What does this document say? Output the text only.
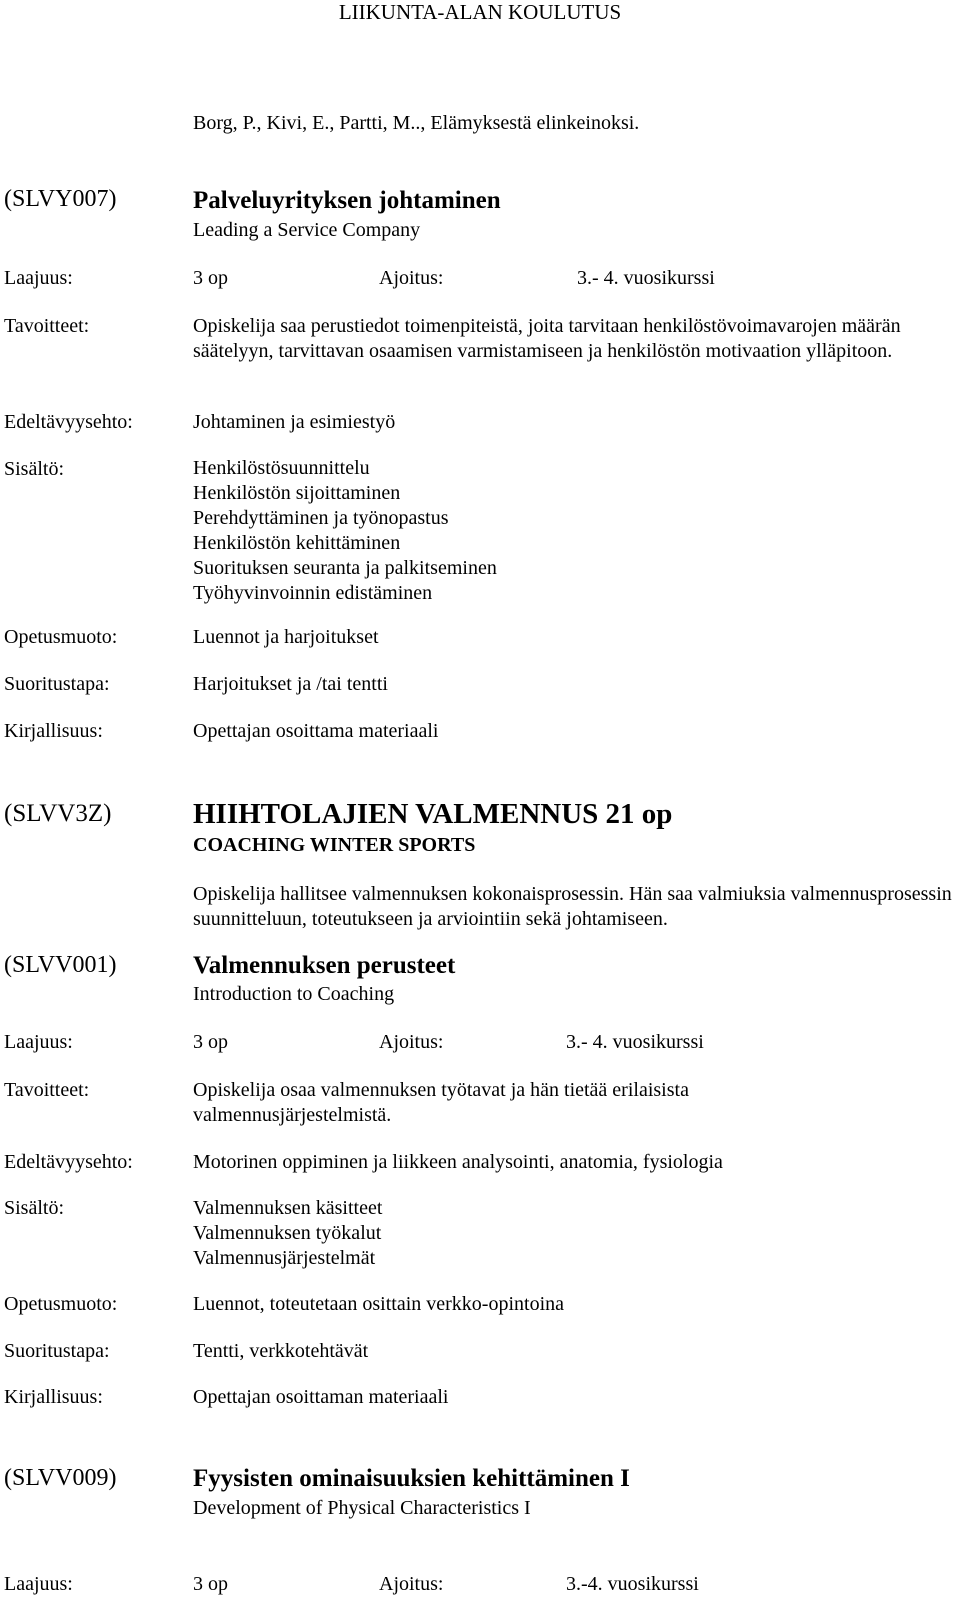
LIIKUNTA-ALAN KOULUTUS
Borg, P., Kivi, E., Partti, M.., Elämyksestä elinkeinoksi.
(SLVY007)	Palveluyrityksen johtaminen
Leading a Service Company
Laajuus:	3 op	Ajoitus:	3.- 4. vuosikurssi
Tavoitteet:	Opiskelija saa perustiedot toimenpiteistä, joita tarvitaan henkilöstövoimavarojen määrän säätelyyn, tarvittavan osaamisen varmistamiseen ja henkilöstön motivaation ylläpitoon.
Edeltävyysehto:	Johtaminen ja esimiestyö
Sisältö:	Henkilöstösuunnittelu
Henkilöstön sijoittaminen
Perehdyttäminen ja työnopastus
Henkilöstön kehittäminen
Suorituksen seuranta ja palkitseminen
Työhyvinvoinnin edistäminen
Opetusmuoto:	Luennot ja harjoitukset
Suoritustapa:	Harjoitukset ja /tai tentti
Kirjallisuus:	Opettajan osoittama materiaali
(SLVV3Z)	HIIHTOLAJIEN VALMENNUS 21 op
COACHING WINTER SPORTS
Opiskelija hallitsee valmennuksen kokonaisprosessin. Hän saa valmiuksia valmennusprosessin suunnitteluun, toteutukseen ja arviointiin sekä johtamiseen.
(SLVV001)	Valmennuksen perusteet
Introduction to Coaching
Laajuus:	3 op	Ajoitus:	3.- 4. vuosikurssi
Tavoitteet:	Opiskelija osaa valmennuksen työtavat ja hän tietää erilaisista valmennusjärjestelmistä.
Edeltävyysehto:	Motorinen oppiminen ja liikkeen analysointi, anatomia, fysiologia
Sisältö:	Valmennuksen käsitteet
Valmennuksen työkalut
Valmennusjärjestelmät
Opetusmuoto:	Luennot, toteutetaan osittain verkko-opintoina
Suoritustapa:	Tentti, verkkotehtävät
Kirjallisuus:	Opettajan osoittaman materiaali
(SLVV009)	Fyysisten ominaisuuksien kehittäminen I
Development of Physical Characteristics I
Laajuus:	3 op	Ajoitus:	3.-4. vuosikurssi
